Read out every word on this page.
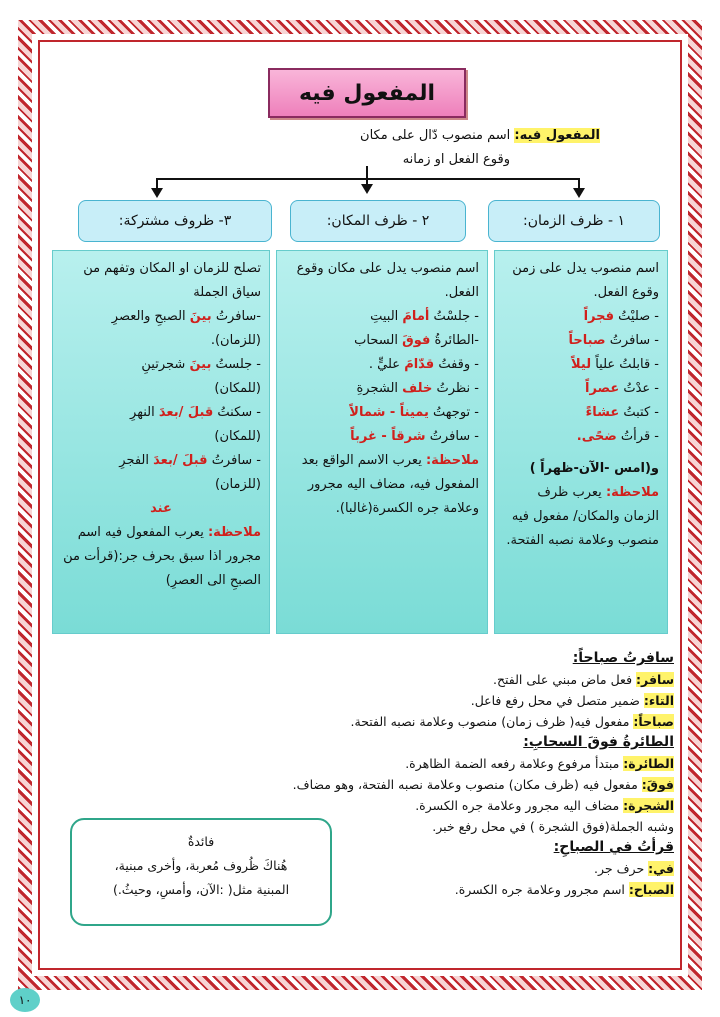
المفعول فيه
المفعول فيه: اسم منصوب دّال على مكان
وقوع الفعل او زمانه
١ - ظرف الزمان:
٢ - ظرف المكان:
٣- ظروف مشتركة:

اسم منصوب يدل على زمن وقوع الفعل.

- صليْتُ فجراً

- سافرتُ صباحاً

- قابلتُ علياً ليلاً

- عدْتُ عصراً

- كتبتُ عشاءً

- قرأتُ ضحًى.

و(امس -الآن-ظهراً )

ملاحظة: يعرب ظرف الزمان والمكان/ مفعول فيه منصوب وعلامة نصبه الفتحة.

اسم منصوب يدل على مكان وقوع الفعل.

- جلسْتُ أمامَ البيتِ

-الطائرةُ فوقَ السحاب

- وقفتُ قدّامَ عليٍّ .

- نظرتُ خلف الشجرةِ

- توجهتُ يميناً - شمالاً

- سافرتُ شرقاً - غرباً

ملاحظة: يعرب الاسم الواقع بعد المفعول فيه، مضاف اليه مجرور وعلامة جره الكسرة(غالبا).

تصلح للزمان او المكان وتفهم من سياق الجملة

-سافرتُ بينَ الصبحِ والعصرِ

(للزمان).

- جلستُ بينَ شجرتينِ

(للمكان)

- سكنتُ قبلَ /بعدَ النهرِ

(للمكان)

- سافرتُ قبلَ /بعدَ الفجرِ

(للزمان)

عند

ملاحظة: يعرب المفعول فيه اسم مجرور اذا سبق بحرف جر:(قرأت من الصبحِ الى العصرِ)

سافرتُ صباحاً:

سافر: فعل ماض مبني على الفتح.

التاء: ضمير متصل في محل رفع فاعل.

صباحاً: مفعول فيه( ظرف زمان) منصوب وعلامة نصبه الفتحة.

الطائرةُ فوقَ السحابِ:

الطائرة: مبتدأ مرفوع وعلامة رفعه الضمة الظاهرة.

فوقَ: مفعول فيه (ظرف مكان) منصوب وعلامة نصبه الفتحة، وهو مضاف.

الشجرة: مضاف اليه مجرور وعلامة جره الكسرة.

وشبه الجملة(فوق الشجرة ) في محل رفع خبر.

قرأتُ في الصباحِ:

في: حرف جر.

الصباح: اسم مجرور وعلامة جره الكسرة.

فائدةٌ
هُناكَ ظُروف مُعربة، وأخرى مبنية،
المبنية مثل( :الآن، وأمسِ، وحيثُ.)
١٠
